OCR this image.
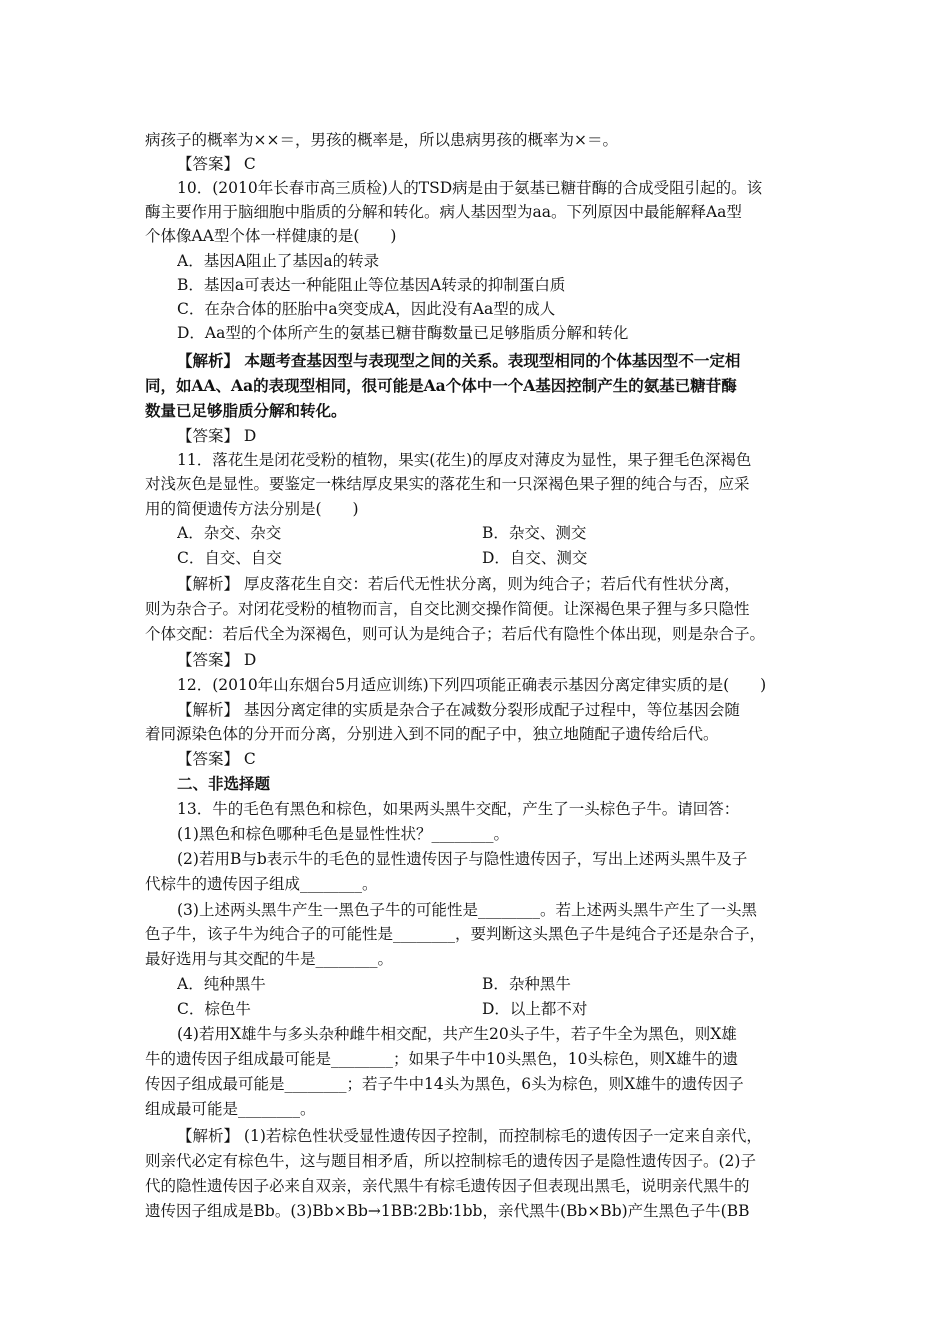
病孩子的概率为××＝，男孩的概率是，所以患病男孩的概率为×＝。
【答案】 C
10．(2010年长春市高三质检)人的TSD病是由于氨基已糖苷酶的合成受阻引起的。该
酶主要作用于脑细胞中脂质的分解和转化。病人基因型为aa。下列原因中最能解释Aa型
个体像AA型个体一样健康的是(　　)
A．基因A阻止了基因a的转录
B．基因a可表达一种能阻止等位基因A转录的抑制蛋白质
C．在杂合体的胚胎中a突变成A，因此没有Aa型的成人
D．Aa型的个体所产生的氨基已糖苷酶数量已足够脂质分解和转化
【解析】 本题考查基因型与表现型之间的关系。表现型相同的个体基因型不一定相
同，如AA、Aa的表现型相同，很可能是Aa个体中一个A基因控制产生的氨基已糖苷酶
数量已足够脂质分解和转化。
【答案】 D
11．落花生是闭花受粉的植物，果实(花生)的厚皮对薄皮为显性，果子狸毛色深褐色
对浅灰色是显性。要鉴定一株结厚皮果实的落花生和一只深褐色果子狸的纯合与否，应采
用的简便遗传方法分别是(　　)
A．杂交、杂交	B．杂交、测交
C．自交、自交	D．自交、测交
【解析】 厚皮落花生自交：若后代无性状分离，则为纯合子；若后代有性状分离，
则为杂合子。对闭花受粉的植物而言，自交比测交操作简便。让深褐色果子狸与多只隐性
个体交配：若后代全为深褐色，则可认为是纯合子；若后代有隐性个体出现，则是杂合子。
【答案】 D
12．(2010年山东烟台5月适应训练)下列四项能正确表示基因分离定律实质的是(　　)
【解析】 基因分离定律的实质是杂合子在减数分裂形成配子过程中，等位基因会随
着同源染色体的分开而分离，分别进入到不同的配子中，独立地随配子遗传给后代。
【答案】 C
二、非选择题
13．牛的毛色有黑色和棕色，如果两头黑牛交配，产生了一头棕色子牛。请回答：
(1)黑色和棕色哪种毛色是显性性状？________。
(2)若用B与b表示牛的毛色的显性遗传因子与隐性遗传因子，写出上述两头黑牛及子
代棕牛的遗传因子组成________。
(3)上述两头黑牛产生一黑色子牛的可能性是________。若上述两头黑牛产生了一头黑
色子牛，该子牛为纯合子的可能性是________，要判断这头黑色子牛是纯合子还是杂合子，
最好选用与其交配的牛是________。
A．纯种黑牛	B．杂种黑牛
C．棕色牛	D．以上都不对
(4)若用X雄牛与多头杂种雌牛相交配，共产生20头子牛，若子牛全为黑色，则X雄
牛的遗传因子组成最可能是________；如果子牛中10头黑色，10头棕色，则X雄牛的遗
传因子组成最可能是________；若子牛中14头为黑色，6头为棕色，则X雄牛的遗传因子
组成最可能是________。
【解析】 (1)若棕色性状受显性遗传因子控制，而控制棕毛的遗传因子一定来自亲代，
则亲代必定有棕色牛，这与题目相矛盾，所以控制棕毛的遗传因子是隐性遗传因子。(2)子
代的隐性遗传因子必来自双亲，亲代黑牛有棕毛遗传因子但表现出黑毛，说明亲代黑牛的
遗传因子组成是Bb。(3)Bb×Bb→1BB∶2Bb∶1bb，亲代黑牛(Bb×Bb)产生黑色子牛(BB
